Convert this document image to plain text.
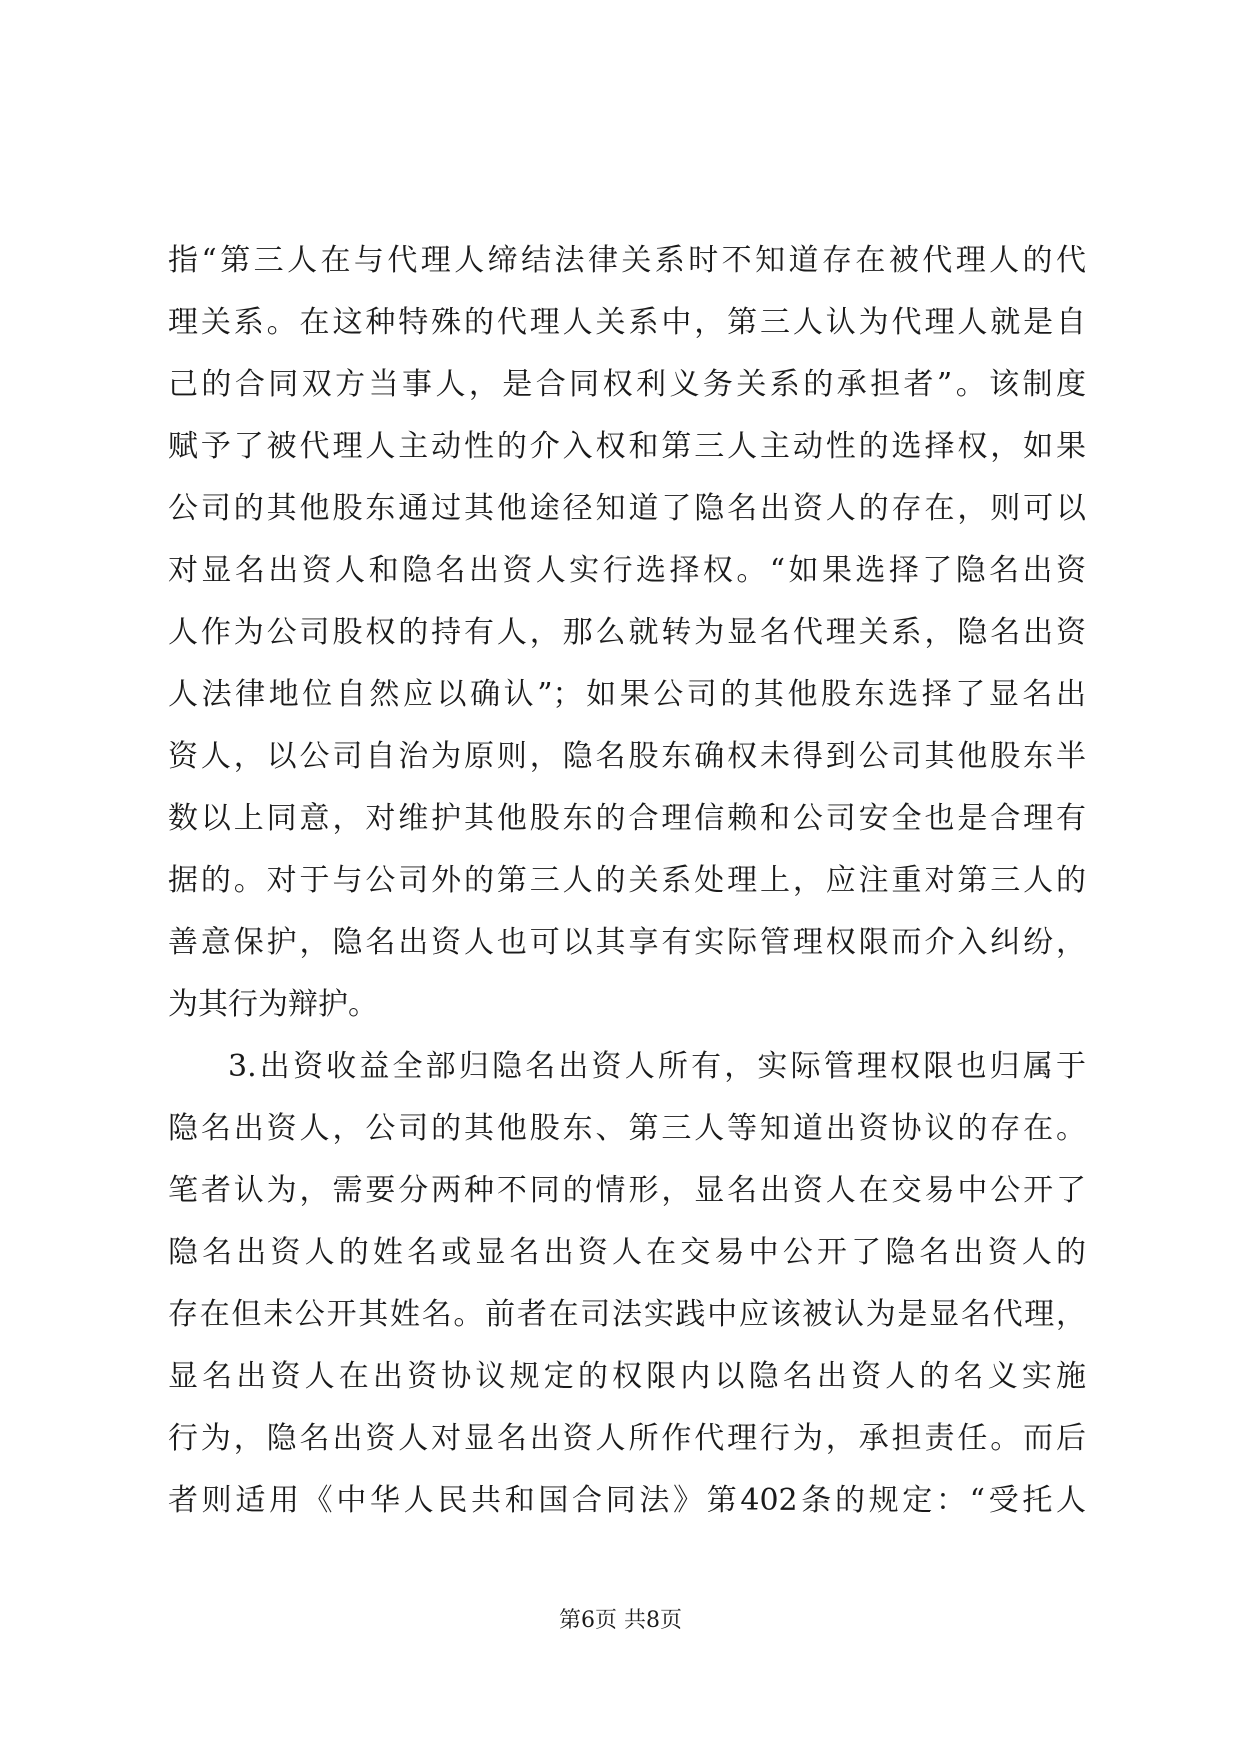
指“第三人在与代理人缔结法律关系时不知道存在被代理人的代
理关系。在这种特殊的代理人关系中，第三人认为代理人就是自
己的合同双方当事人，是合同权利义务关系的承担者”。该制度
赋予了被代理人主动性的介入权和第三人主动性的选择权，如果
公司的其他股东通过其他途径知道了隐名出资人的存在，则可以
对显名出资人和隐名出资人实行选择权。“如果选择了隐名出资
人作为公司股权的持有人，那么就转为显名代理关系，隐名出资
人法律地位自然应以确认”；如果公司的其他股东选择了显名出
资人，以公司自治为原则，隐名股东确权未得到公司其他股东半
数以上同意，对维护其他股东的合理信赖和公司安全也是合理有
据的。对于与公司外的第三人的关系处理上，应注重对第三人的
善意保护，隐名出资人也可以其享有实际管理权限而介入纠纷，
为其行为辩护。
3.出资收益全部归隐名出资人所有，实际管理权限也归属于
隐名出资人，公司的其他股东、第三人等知道出资协议的存在。
笔者认为，需要分两种不同的情形，显名出资人在交易中公开了
隐名出资人的姓名或显名出资人在交易中公开了隐名出资人的
存在但未公开其姓名。前者在司法实践中应该被认为是显名代理，
显名出资人在出资协议规定的权限内以隐名出资人的名义实施
行为，隐名出资人对显名出资人所作代理行为，承担责任。而后
者则适用《中华人民共和国合同法》第402条的规定：“受托人
第6页 共8页
